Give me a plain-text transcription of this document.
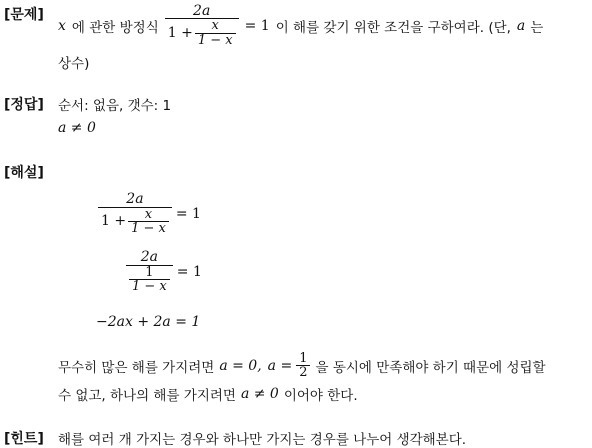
[문제]
x 에 관한 방정식 $\frac{2a}{1 + \frac{x}{1 - x}} = 1$ 이 해를 갖기 위한 조건을 구하여라. (단, a 는
상수)
[정답] 순서: 없음, 갯수: 1
a ≠ 0
[해설]
$\frac{2a}{1 + \frac{x}{1 - x}} = 1$
$\frac{2a}{\frac{1}{1 - x}} = 1$
−2ax + 2a = 1
무수히 많은 해를 가지려면 a = 0, $a = \frac{1}{2}$ 을 동시에 만족해야 하기 때문에 성립할
수 없고, 하나의 해를 가지려면 a ≠ 0 이어야 한다.
[힌트] 해를 여러 개 가지는 경우와 하나만 가지는 경우를 나누어 생각해본다.
